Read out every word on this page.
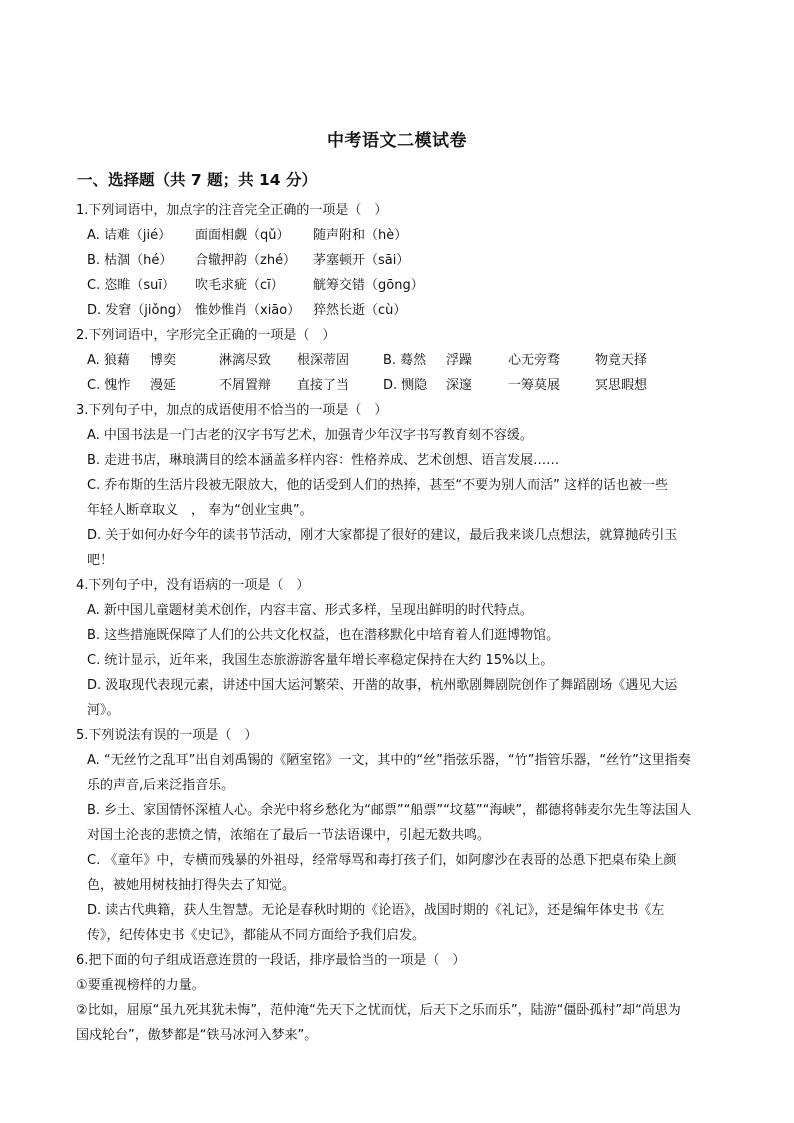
中考语文二模试卷
一、选择题（共 7 题；共 14 分）
1.下列词语中，加点字的注音完全正确的一项是（　）
A. 诘难（jié） 面面相觑（qǔ） 随声附和（hè）
B. 枯涸（hé） 合辙押韵（zhé） 茅塞顿开（sāi）
C. 恣睢（suī） 吹毛求疵（cī） 觥筹交错（gōng）
D. 发窘（jiǒng） 惟妙惟肖（xiāo） 猝然长逝（cù）
2.下列词语中，字形完全正确的一项是（　）
A. 狼藉 博奕	淋漓尽致 根深蒂固	B. 蓦然 浮躁	心无旁骛	物竟天择
C. 愧怍 漫延	不屑置辩 直接了当	D. 恻隐 深邃	一筹莫展	冥思暇想
3.下列句子中，加点的成语使用不恰当的一项是（　）
A. 中国书法是一门古老的汉字书写艺术，加强青少年汉字书写教育刻不容缓。
B. 走进书店，琳琅满目的绘本涵盖多样内容：性格养成、艺术创想、语言发展……
C. 乔布斯的生活片段被无限放大，他的话受到人们的热捧，甚至“不要为别人而活” 这样的话也被一些
年轻人断章取义　， 奉为“创业宝典”。
D. 关于如何办好今年的读书节活动，刚才大家都提了很好的建议，最后我来谈几点想法，就算抛砖引玉
吧！
4.下列句子中，没有语病的一项是（　）
A. 新中国儿童题材美术创作，内容丰富、形式多样，呈现出鲜明的时代特点。
B. 这些措施既保障了人们的公共文化权益，也在潜移默化中培育着人们逛博物馆。
C. 统计显示，近年来，我国生态旅游游客量年增长率稳定保持在大约 15%以上。
D. 汲取现代表现元素，讲述中国大运河繁荣、开凿的故事，杭州歌剧舞剧院创作了舞蹈剧场《遇见大运
河》。
5.下列说法有误的一项是（　）
A. “无丝竹之乱耳”出自刘禹锡的《陋室铭》一文，其中的“丝”指弦乐器，“竹”指管乐器，“丝竹”这里指奏
乐的声音,后来泛指音乐。
B. 乡土、家国情怀深植人心。余光中将乡愁化为“邮票”“船票”“坟墓”“海峡”，都德将韩麦尔先生等法国人
对国土沦丧的悲愤之情，浓缩在了最后一节法语课中，引起无数共鸣。
C. 《童年》中，专横而残暴的外祖母，经常辱骂和毒打孩子们，如阿廖沙在表哥的怂恿下把桌布染上颜
色，被她用树枝抽打得失去了知觉。
D. 读古代典籍，获人生智慧。无论是春秋时期的《论语》，战国时期的《礼记》，还是编年体史书《左
传》，纪传体史书《史记》，都能从不同方面给予我们启发。
6.把下面的句子组成语意连贯的一段话，排序最恰当的一项是（　）
①要重视榜样的力量。
②比如，屈原“虽九死其犹未悔”，范仲淹“先天下之忧而忧，后天下之乐而乐”，陆游“僵卧孤村”却“尚思为
国戍轮台”，傲梦都是“铁马冰河入梦来”。
